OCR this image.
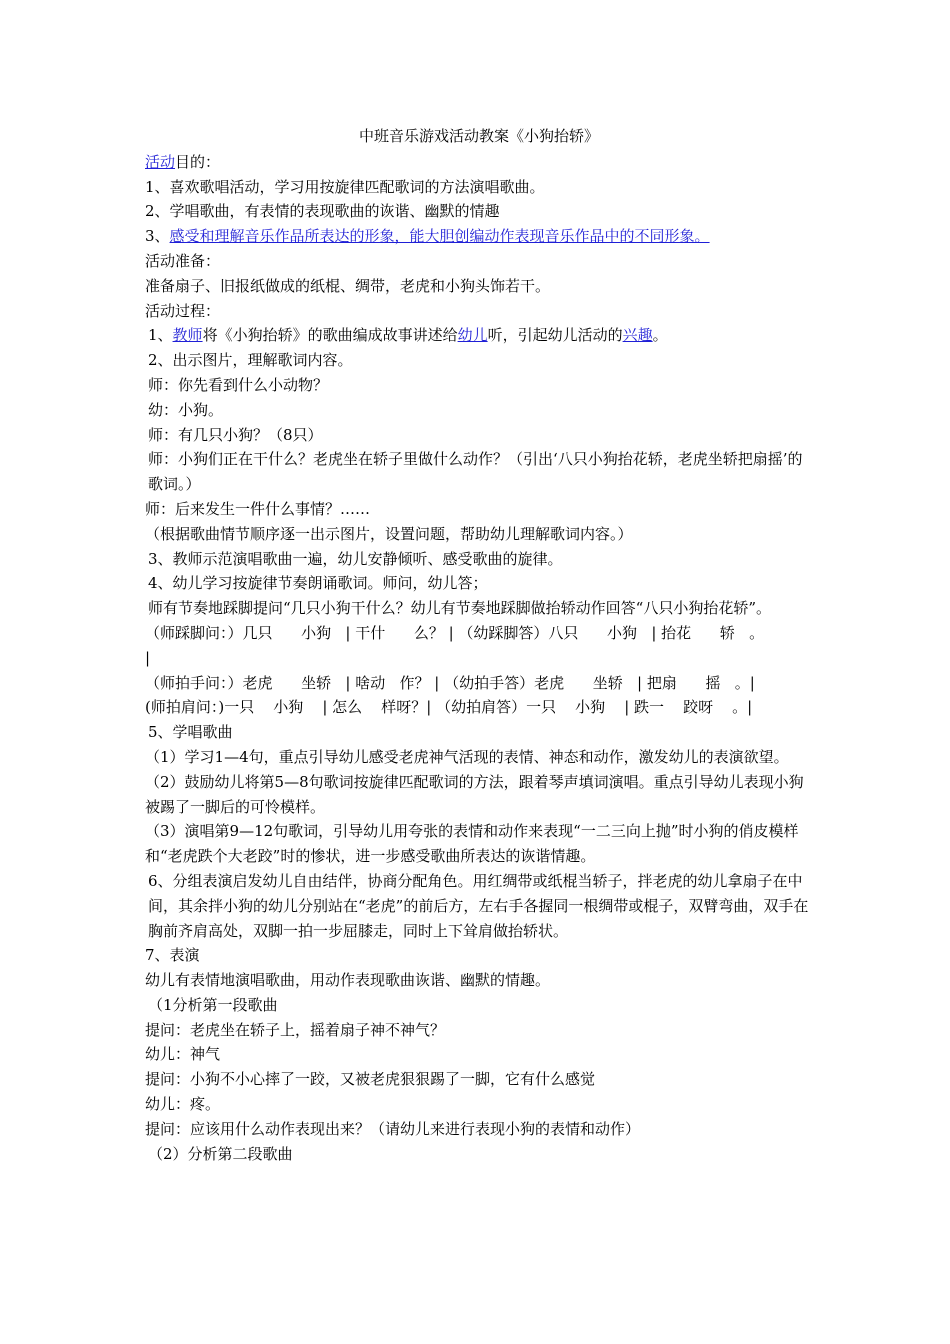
中班音乐游戏活动教案《小狗抬轿》

活动目的：

1、喜欢歌唱活动，学习用按旋律匹配歌词的方法演唱歌曲。

2、学唱歌曲，有表情的表现歌曲的诙谐、幽默的情趣

3、感受和理解音乐作品所表达的形象，能大胆创编动作表现音乐作品中的不同形象。

活动准备：

准备扇子、旧报纸做成的纸棍、绸带，老虎和小狗头饰若干。

活动过程：

1、教师将《小狗抬轿》的歌曲编成故事讲述给幼儿听，引起幼儿活动的兴趣。

2、出示图片，理解歌词内容。

师：你先看到什么小动物？

幼：小狗。

师：有几只小狗？（8只）

师：小狗们正在干什么？老虎坐在轿子里做什么动作？（引出‘八只小狗抬花轿，老虎坐轿把扇摇’的歌词。）

师：后来发生一件什么事情？……

（根据歌曲情节顺序逐一出示图片，设置问题，帮助幼儿理解歌词内容。）

3、教师示范演唱歌曲一遍，幼儿安静倾听、感受歌曲的旋律。

4、幼儿学习按旋律节奏朗诵歌词。师问，幼儿答；

师有节奏地踩脚提问“几只小狗干什么？幼儿有节奏地踩脚做抬轿动作回答“八只小狗抬花轿”。

（师踩脚问：）几只      小狗   | 干什      么？ | （幼踩脚答）八只      小狗   | 抬花      轿   。

|

（师拍手问：）老虎      坐轿   | 啥动   作？ | （幼拍手答）老虎      坐轿   | 把扇      摇   。|

(师拍肩问：)一只    小狗    | 怎么    样呀？| （幼拍肩答）一只    小狗    | 跌一    跤呀    。|

5、学唱歌曲

（1）学习1—4句，重点引导幼儿感受老虎神气活现的表情、神态和动作，激发幼儿的表演欲望。

（2）鼓励幼儿将第5—8句歌词按旋律匹配歌词的方法，跟着琴声填词演唱。重点引导幼儿表现小狗被踢了一脚后的可怜模样。

（3）演唱第9—12句歌词，引导幼儿用夸张的表情和动作来表现“一二三向上抛”时小狗的俏皮模样和“老虎跌个大老跤”时的惨状，进一步感受歌曲所表达的诙谐情趣。

6、分组表演启发幼儿自由结伴，协商分配角色。用红绸带或纸棍当轿子，拌老虎的幼儿拿扇子在中间，其余拌小狗的幼儿分别站在“老虎”的前后方，左右手各握同一根绸带或棍子，双臂弯曲，双手在胸前齐肩高处，双脚一拍一步屈膝走，同时上下耸肩做抬轿状。

7、表演

幼儿有表情地演唱歌曲，用动作表现歌曲诙谐、幽默的情趣。

（1分析第一段歌曲

提问：老虎坐在轿子上，摇着扇子神不神气？

幼儿：神气

提问：小狗不小心摔了一跤，又被老虎狠狠踢了一脚，它有什么感觉

幼儿：疼。

提问：应该用什么动作表现出来？（请幼儿来进行表现小狗的表情和动作）

（2）分析第二段歌曲
